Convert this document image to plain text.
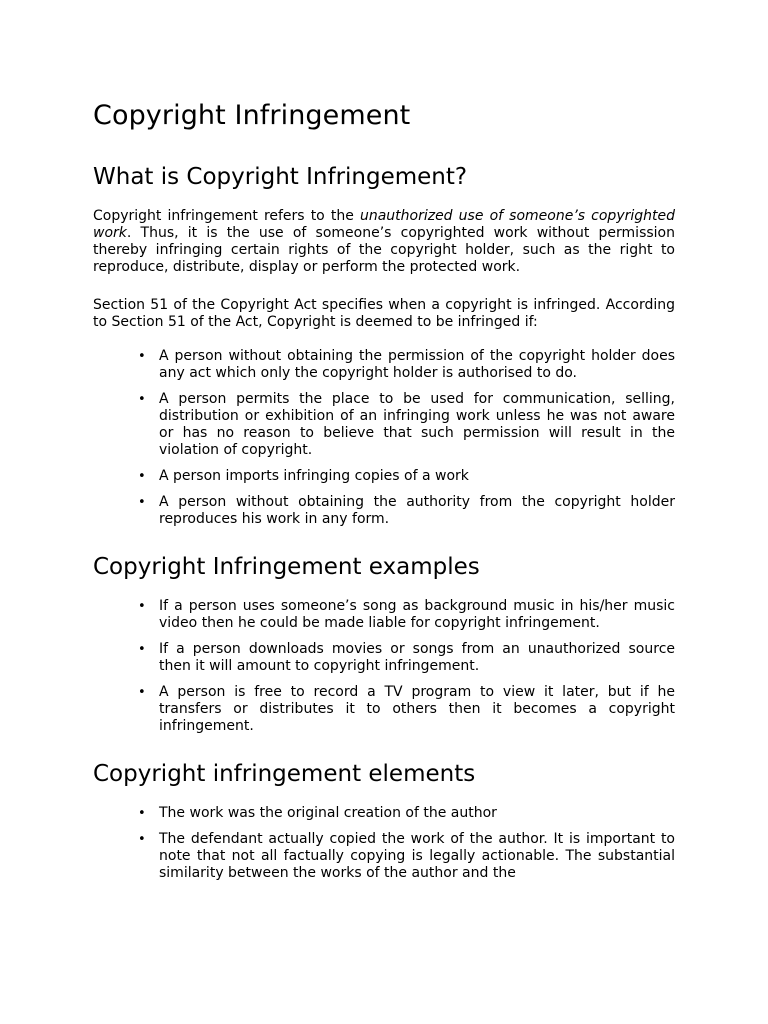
Copyright Infringement
What is Copyright Infringement?

Copyright infringement refers to the unauthorized use of someone’s copyrighted work. Thus, it is the use of someone’s copyrighted work without permission thereby infringing certain rights of the copyright holder, such as the right to reproduce, distribute, display or perform the protected work.

Section 51 of the Copyright Act specifies when a copyright is infringed. According to Section 51 of the Act, Copyright is deemed to be infringed if:

• A person without obtaining the permission of the copyright holder does any act which only the copyright holder is authorised to do.
• A person permits the place to be used for communication, selling, distribution or exhibition of an infringing work unless he was not aware or has no reason to believe that such permission will result in the violation of copyright.
• A person imports infringing copies of a work
• A person without obtaining the authority from the copyright holder reproduces his work in any form.
Copyright Infringement examples
• If a person uses someone’s song as background music in his/her music video then he could be made liable for copyright infringement.
• If a person downloads movies or songs from an unauthorized source then it will amount to copyright infringement.
• A person is free to record a TV program to view it later, but if he transfers or distributes it to others then it becomes a copyright infringement.
Copyright infringement elements
• The work was the original creation of the author
• The defendant actually copied the work of the author. It is important to note that not all factually copying is legally actionable. The substantial similarity between the works of the author and the
